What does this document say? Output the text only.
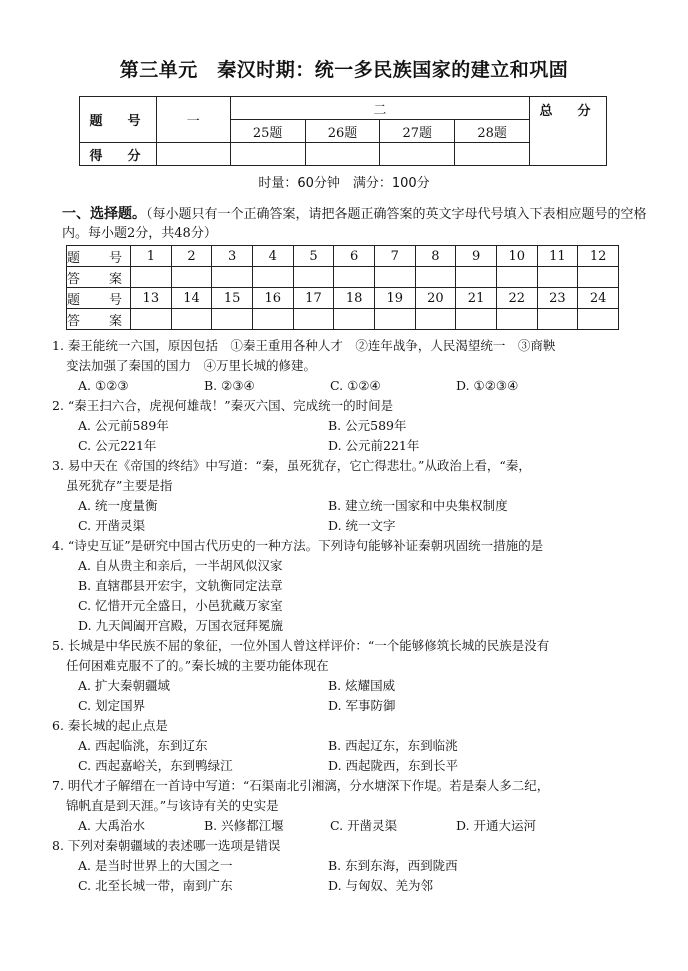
第三单元　秦汉时期：统一多民族国家的建立和巩固
题　号	一	二				总　分
		25题	26题	27题	28题	
得　分						
时量：60分钟　满分：100分
一、选择题。（每小题只有一个正确答案，请把各题正确答案的英文字母代号填入下表相应题号的空格内。每小题2分，共48分）
题　号	1	2	3	4	5	6	7	8	9	10	11	12
答　案												
题　号	13	14	15	16	17	18	19	20	21	22	23	24
答　案												
1. 秦王能统一六国，原因包括　①秦王重用各种人才　②连年战争，人民渴望统一　③商鞅
变法加强了秦国的国力　④万里长城的修建。
A. ①②③	B. ②③④	C. ①②④	D. ①②③④
2. “秦王扫六合，虎视何雄哉！”秦灭六国、完成统一的时间是
A. 公元前589年	B. 公元589年
C. 公元221年	D. 公元前221年
3. 易中天在《帝国的终结》中写道：“秦，虽死犹存，它亡得悲壮。”从政治上看，“秦，
虽死犹存”主要是指
A. 统一度量衡	B. 建立统一国家和中央集权制度
C. 开凿灵渠	D. 统一文字
4. “诗史互证”是研究中国古代历史的一种方法。下列诗句能够补证秦朝巩固统一措施的是
A. 自从贵主和亲后，一半胡风似汉家
B. 直辖郡县开宏宇，文轨衡同定法章
C. 忆惜开元全盛日，小邑犹藏万家室
D. 九天阊阖开宫殿，万国衣冠拜冕旒
5. 长城是中华民族不屈的象征，一位外国人曾这样评价：“一个能够修筑长城的民族是没有
任何困难克服不了的。”秦长城的主要功能体现在
A. 扩大秦朝疆域	B. 炫耀国威
C. 划定国界	D. 军事防御
6. 秦长城的起止点是
A. 西起临洮，东到辽东	B. 西起辽东，东到临洮
C. 西起嘉峪关，东到鸭绿江	D. 西起陇西，东到长平
7. 明代才子解缙在一首诗中写道：“石渠南北引湘漓，分水塘深下作堤。若是秦人多二纪，
锦帆直是到天涯。”与该诗有关的史实是
A. 大禹治水	B. 兴修都江堰	C. 开凿灵渠	D. 开通大运河
8. 下列对秦朝疆域的表述哪一选项是错误
A. 是当时世界上的大国之一	B. 东到东海，西到陇西
C. 北至长城一带，南到广东	D. 与匈奴、羌为邻
